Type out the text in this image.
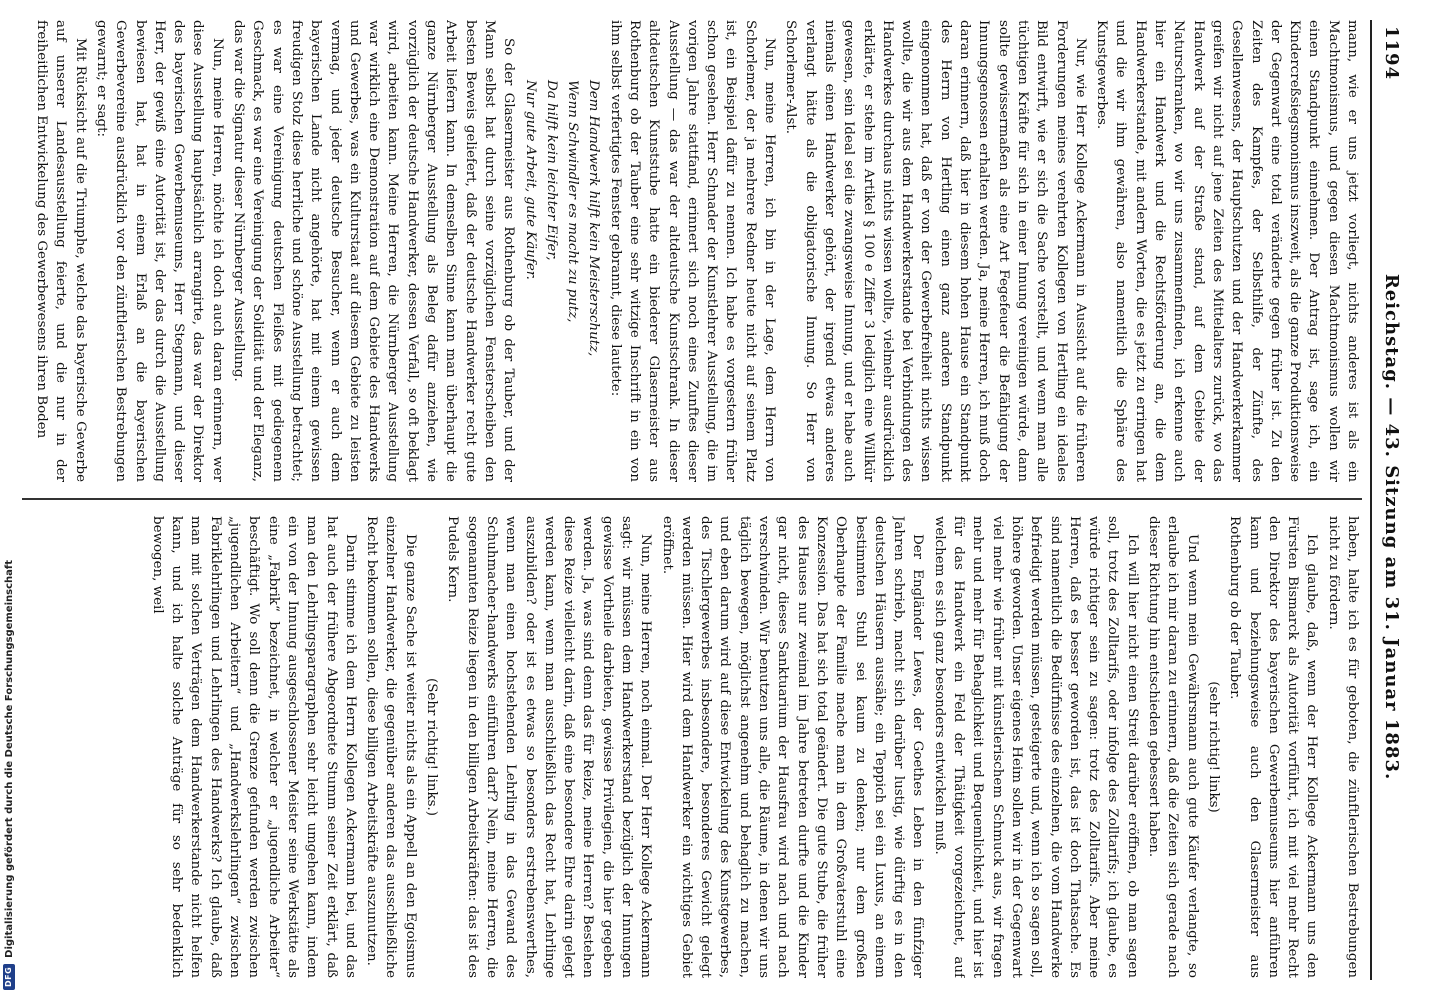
1194
Reichstag. — 43. Sitzung am 31. Januar 1883.

mann, wie er uns jetzt vorliegt, nichts anderes ist als ein Machtmonismus, und gegen diesen Machtmonismus wollen wir einen Standpunkt einnehmen. Der Antrag ist, sage ich, ein Kindercreßsiegsmonismus inszweit, als die ganze Produktionsweise der Gegenwart eine total veränderte gegen früher ist. Zu den Zeiten des Kampfes, der Selbsthilfe, der Zünfte, des Gesellenwesens, der Hauptschutzen und der Handwerkerkammer greifen wir nicht auf jene Zeiten des Mittelalters zurück, wo das Handwerk auf der Straße stand, auf dem Gebiete der Naturschranken, wo wir uns zusammenfinden, ich erkenne auch hier ein Handwerk und die Rechtsförderung an, die dem Handwerkerstande, mit andern Worten, die es jetzt zu erringen hat und die wir ihm gewähren, also namentlich die Sphäre des Kunstgewerbes.

Nur, wie Herr Kollege Ackermann in Aussicht auf die früheren Forderungen meines verehrten Kollegen von Hertling ein ideales Bild entwirft, wie er sich die Sache vorstellt, und wenn man alle tüchtigen Kräfte für sich in einer Innung vereinigen würde, dann sollte gewissermaßen als eine Art Fegefeuer die Befähigung der Innungsgenossen erhalten werden. Ja, meine Herren, ich muß doch daran erinnern, daß hier in diesem hohen Hause ein Standpunkt des Herrn von Hertling einen ganz anderen Standpunkt eingenommen hat, daß er von der Gewerbefreiheit nichts wissen wollte, die wir aus dem Handwerkerstande bei Verbindungen des Handwerkes durchaus nichts wissen wollte, vielmehr ausdrücklich erklärte, er stehe im Artikel § 100 e Ziffer 3 lediglich eine Willkür gewesen, sein Ideal sei die zwangsweise Innung, und er habe auch niemals einen Handwerker gehört, der irgend etwas anderes verlangt hätte als die obligatorische Innung. So Herr von Schorlemer-Alst.

Nun, meine Herren, ich bin in der Lage, dem Herrn von Schorlemer, der ja mehrere Redner heute nicht auf seinem Platz ist, ein Beispiel dafür zu nennen. Ich habe es vorgestern früher schon gesehen. Herr Schnader der Kunstlehrer Ausstellung, die im vorigen Jahre stattfand, erinnert sich noch eines Zunftes dieser Ausstellung — das war der altdeutsche Kunstschrank. In dieser altdeutschen Kunststube hatte ein biederer Glaserneister aus Rothenburg ob der Tauber eine sehr witzige Inschrift in ein von ihm selbst verfertigtes Fenster gebrannt, diese lautete:

Dem Handwerk hilft kein Meisterschutz,

Wenn Schwindler es macht zu putz,

Da hilft kein leichter Eifer,

Nur gute Arbeit, gute Käufer.

So der Glasermeister aus Rothenburg ob der Tauber, und der Mann selbst hat durch seine vorzüglichen Fensterscheiben den besten Beweis geliefert, daß der deutsche Handwerker recht gute Arbeit liefern kann. In demselben Sinne kann man überhaupt die ganze Nürnberger Ausstellung als Beleg dafür anziehen, wie vorzüglich der deutsche Handwerker, dessen Verfall, so oft beklagt wird, arbeiten kann. Meine Herren, die Nürnberger Ausstellung war wirklich eine Demonstration auf dem Gebiete des Handwerks und Gewerbes, was ein Kulturstaat auf diesem Gebiete zu leisten vermag, und jeder deutsche Besucher, wenn er auch dem bayerischen Lande nicht angehörte, hat mit einem gewissen freudigen Stolz diese herrliche und schöne Ausstellung betrachtet; es war eine Vereinigung deutschen Fleißes mit gediegenem Geschmack, es war eine Vereinigung der Solidität und der Eleganz, das war die Signatur dieser Nürnberger Ausstellung.

Nun, meine Herren, möchte ich doch auch daran erinnern, wer diese Ausstellung hauptsächlich arrangirte, das war der Direktor des bayerischen Gewerbemuseums, Herr Stegmann, und dieser Herr, der gewiß eine Autorität ist, der das durch die Ausstellung bewiesen hat, hat in einem Erlaß an die bayerischen Gewerbevereine ausdrücklich vor den zünftlerischen Bestrebungen gewarnt; er sagt:

Mit Rücksicht auf die Triumphe, welche das bayerische Gewerbe auf unserer Landesausstellung feierte, und die nur in der freiheitlichen Entwickelung des Gewerbewesens ihren Boden

haben, halte ich es für geboten, die zünftlerischen Bestrebungen nicht zu fördern.

Ich glaube, daß, wenn der Herr Kollege Ackermann uns den Fürsten Bismarck als Autorität vorführt, ich mit viel mehr Recht den Direktor des bayerischen Gewerbemuseums hier anführen kann und beziehungsweise auch den Glasermeister aus Rothenburg ob der Tauber.

(sehr richtig! links)

Und wenn mein Gewährsmann auch gute Käufer verlangte, so erlaube ich mir daran zu erinnern, daß die Zeiten sich gerade nach dieser Richtung hin entschieden gebessert haben.

Ich will hier nicht einen Streit darüber eröffnen, ob man sagen soll, trotz des Zolltarifs, oder infolge des Zolltarifs; ich glaube, es würde richtiger sein zu sagen: trotz des Zolltarifs. Aber meine Herren, daß es besser geworden ist, das ist doch Thatsache. Es sind namentlich die Bedürfnisse des einzelnen, die vom Handwerke befriedigt werden müssen, gesteigerte und, wenn ich so sagen soll, höhere geworden. Unser eigenes Heim sollen wir in der Gegenwart viel mehr wie früher mit künstlerischem Schmuck aus, wir fragen mehr und mehr für Behaglichkeit und Bequemlichkeit, und hier ist für das Handwerk ein Feld der Thätigkeit vorgezeichnet, auf welchem es sich ganz besonders entwickeln muß.

Der Engländer Lewes, der Goethes Leben in den fünfziger Jahren schrieb, macht sich darüber lustig, wie dürftig es in den deutschen Häusern aussähe; ein Teppich sei ein Luxus, an einem bestimmten Stuhl sei kaum zu denken; nur dem großen Oberhaupte der Familie mache man in dem Großvaterstuhl eine Konzession. Das hat sich total geändert. Die gute Stube, die früher des Hauses nur zweimal im Jahre betreten durfte und die Kinder gar nicht, dieses Sanktuarium der Hausfrau wird nach und nach verschwinden. Wir benutzen uns alle, die Räume, in denen wir uns täglich bewegen, möglichst angenehm und behaglich zu machen, und eben darum wird auf diese Entwickelung des Kunstgewerbes, des Tischlergewerbes insbesondere, besonderes Gewicht gelegt werden müssen. Hier wird dem Handwerker ein wichtiges Gebiet eröffnet.

Nun, meine Herren, noch einmal. Der Herr Kollege Ackermann sagt: wir müssen dem Handwerkerstand bezüglich der Innungen gewisse Vortheile darbieten, gewisse Privilegien, die hier gegeben werden. Ja, was sind denn das für Reize, meine Herren? Bestehen diese Reize vielleicht darin, daß eine besondere Ehre darin gelegt werden kann, wenn man ausschließlich das Recht hat, Lehrlinge auszubilden? oder ist es etwas so besonders erstrebenswerthes, wenn man einen hochstehenden Lehrling in das Gewand des Schuhmacher-handwerks einführen darf? Nein, meine Herren, die sogenannten Reize liegen in den billigen Arbeitskräften: das ist des Pudels Kern.

(Sehr richtig! links.)

Die ganze Sache ist weiter nichts als ein Appell an den Egoismus einzelner Handwerker, die gegenüber anderen das ausschließliche Recht bekommen sollen, diese billigen Arbeitskräfte auszunutzen.

Darin stimme ich dem Herrn Kollegen Ackermann bei, und das hat auch der frühere Abgeordnete Stumm seiner Zeit erklärt, daß man den Lehrlingsparagraphen sehr leicht umgehen kann, indem ein von der Innung ausgeschlossener Meister seine Werkstätte als eine „Fabrik“ bezeichnet, in welcher er „jugendliche Arbeiter“ beschäftigt. Wo soll denn die Grenze gefunden werden zwischen „jugendlichen Arbeitern“ und „Handwerkslehrlingen“ zwischen Fabriklehrlingen und Lehrlingen des Handwerks? Ich glaube, daß man mit solchen Verträgen dem Handwerkerstande nicht helfen kann, und ich halte solche Anträge für so sehr bedenklich bewogen, weil

DFG
Digitalisierung gefördert durch die Deutsche Forschungsgemeinschaft
